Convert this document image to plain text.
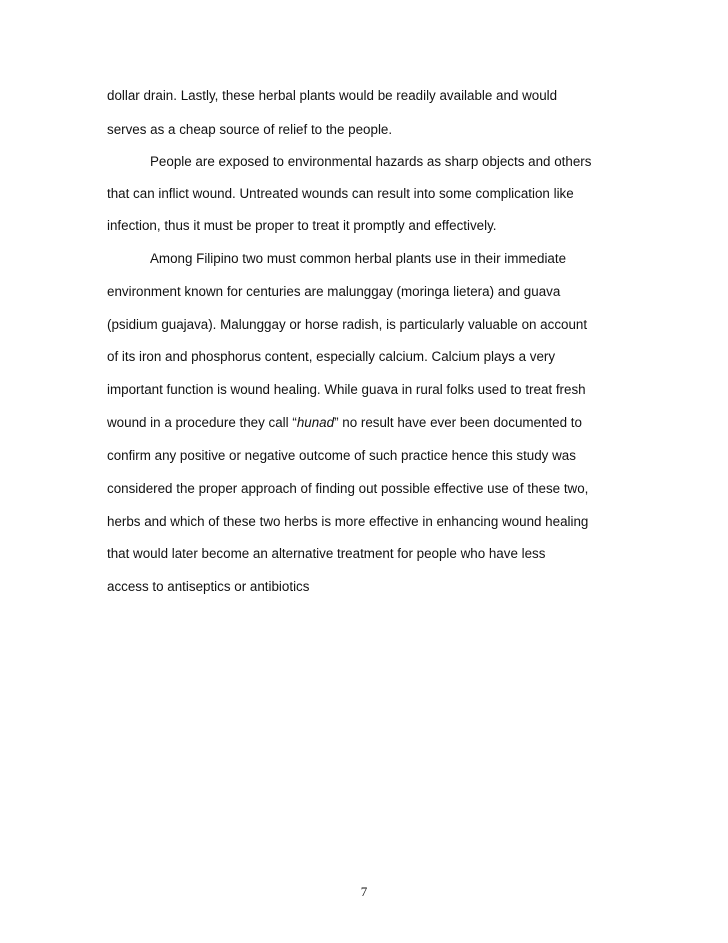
dollar drain. Lastly, these herbal plants would be readily available and would
serves as a cheap source of relief to the people.
People are exposed to environmental hazards as sharp objects and others
that can inflict wound. Untreated wounds can result into some complication like
infection, thus it must be proper to treat it promptly and effectively.
Among Filipino two must common herbal plants use in their immediate
environment known for centuries are malunggay (moringa lietera) and guava
(psidium guajava). Malunggay or horse radish, is particularly valuable on account
of its iron and phosphorus content, especially calcium. Calcium plays a very
important function is wound healing. While guava in rural folks used to treat fresh
wound in a procedure they call “hunad” no result have ever been documented to
confirm any positive or negative outcome of such practice hence this study was
considered the proper approach of finding out possible effective use of these two,
herbs and which of these two herbs is more effective in enhancing wound healing
that would later become an alternative treatment for people who have less
access to antiseptics or antibiotics
7
